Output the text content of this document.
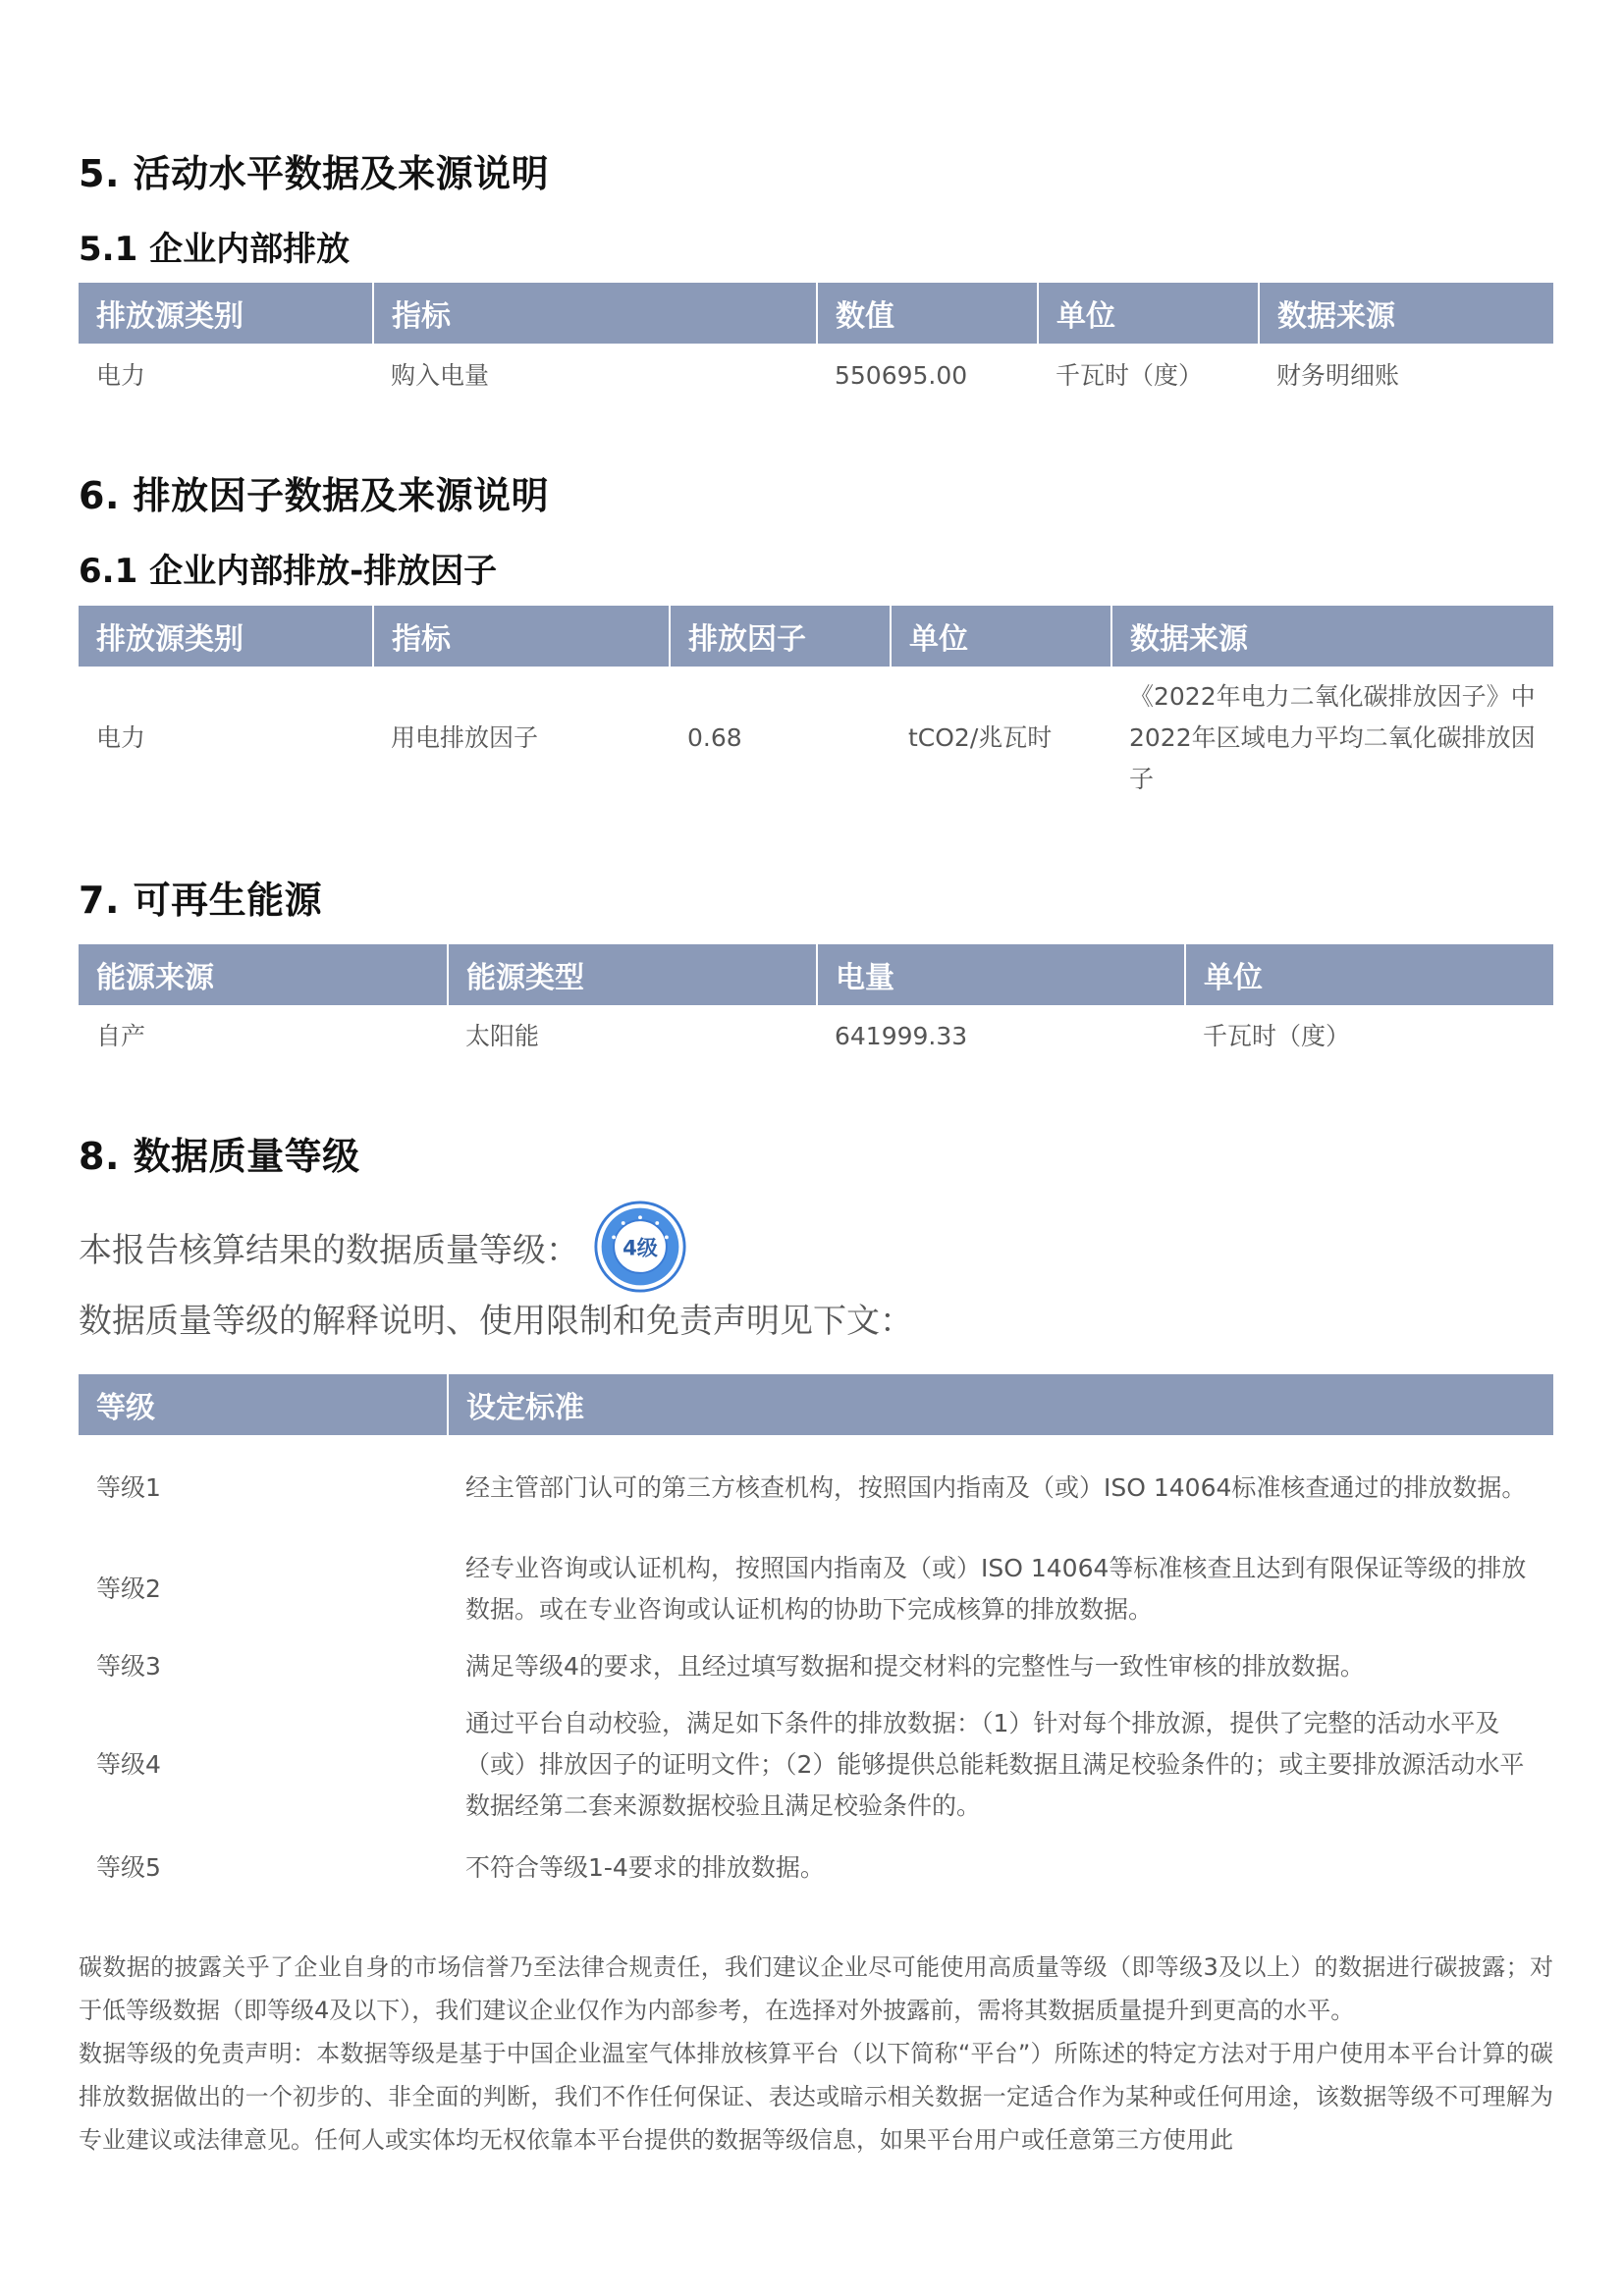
5. 活动水平数据及来源说明
5.1 企业内部排放
排放源类别	指标	数值	单位	数据来源
电力	购入电量	550695.00	千瓦时（度）	财务明细账
6. 排放因子数据及来源说明
6.1 企业内部排放-排放因子
排放源类别	指标	排放因子	单位	数据来源
电力	用电排放因子	0.68	tCO2/兆瓦时	《2022年电力二氧化碳排放因子》中2022年区域电力平均二氧化碳排放因子
7. 可再生能源
能源来源	能源类型	电量	单位
自产	太阳能	641999.33	千瓦时（度）
8. 数据质量等级
本报告核算结果的数据质量等级： 4级
数据质量等级的解释说明、使用限制和免责声明见下文：
等级	设定标准
等级1	经主管部门认可的第三方核查机构，按照国内指南及（或）ISO 14064标准核查通过的排放数据。
等级2	经专业咨询或认证机构，按照国内指南及（或）ISO 14064等标准核查且达到有限保证等级的排放数据。或在专业咨询或认证机构的协助下完成核算的排放数据。
等级3	满足等级4的要求，且经过填写数据和提交材料的完整性与一致性审核的排放数据。
等级4	通过平台自动校验，满足如下条件的排放数据：（1）针对每个排放源，提供了完整的活动水平及（或）排放因子的证明文件；（2）能够提供总能耗数据且满足校验条件的；或主要排放源活动水平数据经第二套来源数据校验且满足校验条件的。
等级5	不符合等级1-4要求的排放数据。

碳数据的披露关乎了企业自身的市场信誉乃至法律合规责任，我们建议企业尽可能使用高质量等级（即等级3及以上）的数据进行碳披露；对于低等级数据（即等级4及以下），我们建议企业仅作为内部参考，在选择对外披露前，需将其数据质量提升到更高的水平。

数据等级的免责声明：本数据等级是基于中国企业温室气体排放核算平台（以下简称“平台”）所陈述的特定方法对于用户使用本平台计算的碳排放数据做出的一个初步的、非全面的判断，我们不作任何保证、表达或暗示相关数据一定适合作为某种或任何用途，该数据等级不可理解为专业建议或法律意见。任何人或实体均无权依靠本平台提供的数据等级信息，如果平台用户或任意第三方使用此
